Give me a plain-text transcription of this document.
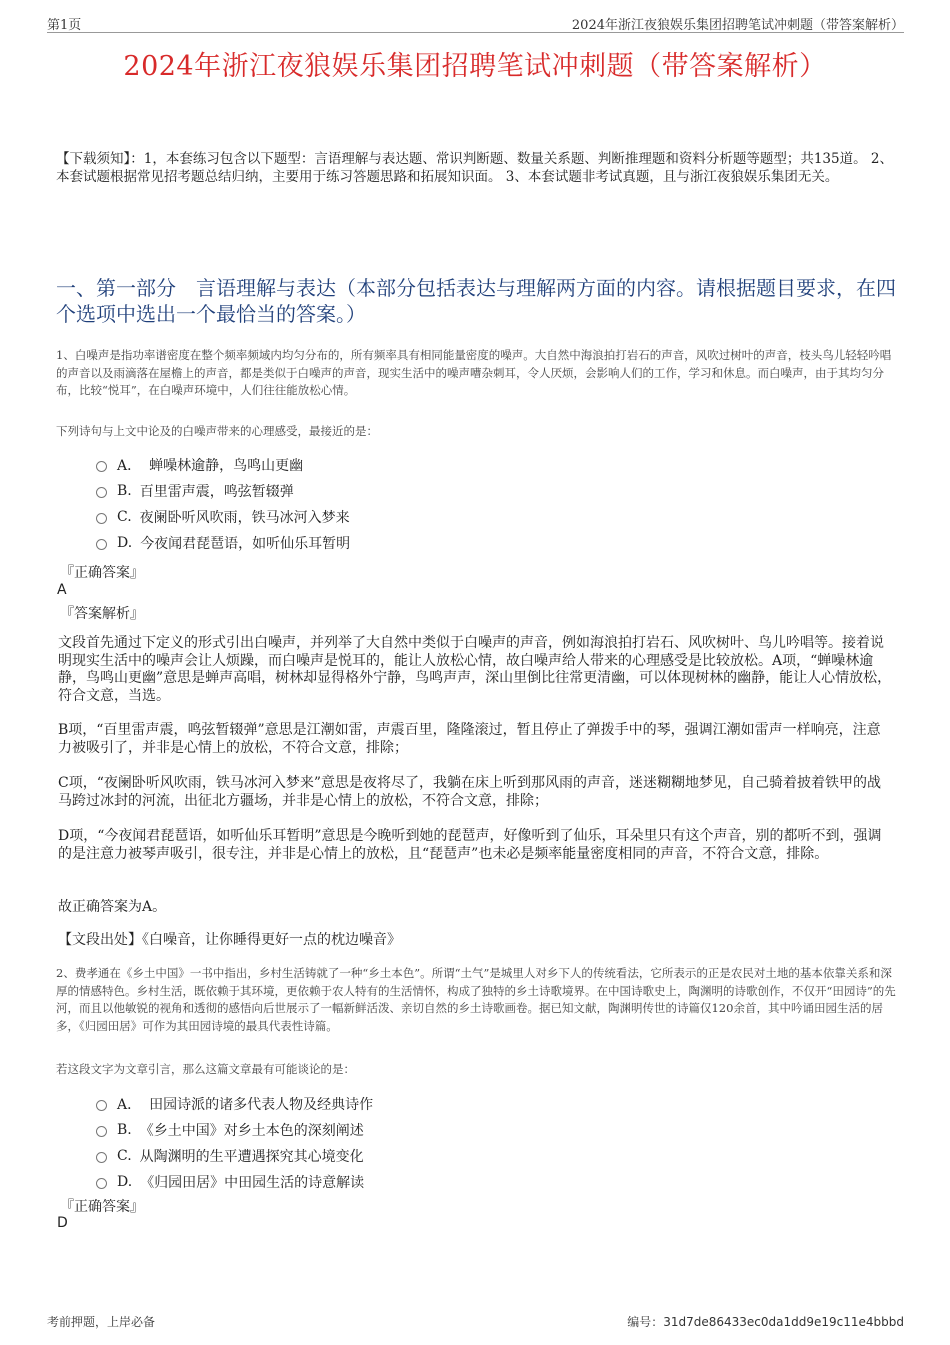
第1页	2024年浙江夜狼娱乐集团招聘笔试冲刺题（带答案解析）
2024年浙江夜狼娱乐集团招聘笔试冲刺题（带答案解析）
【下载须知】：1，本套练习包含以下题型：言语理解与表达题、常识判断题、数量关系题、判断推理题和资料分析题等题型；共135道。 2、本套试题根据常见招考题总结归纳，主要用于练习答题思路和拓展知识面。 3、本套试题非考试真题，且与浙江夜狼娱乐集团无关。
一、第一部分　言语理解与表达（本部分包括表达与理解两方面的内容。请根据题目要求，在四个选项中选出一个最恰当的答案。）
1、白噪声是指功率谱密度在整个频率频域内均匀分布的，所有频率具有相同能量密度的噪声。大自然中海浪拍打岩石的声音，风吹过树叶的声音，枝头鸟儿轻轻吟唱的声音以及雨滴落在屋檐上的声音，都是类似于白噪声的声音，现实生活中的噪声嘈杂刺耳，令人厌烦，会影响人们的工作，学习和休息。而白噪声，由于其均匀分布，比较“悦耳”，在白噪声环境中，人们往往能放松心情。
下列诗句与上文中论及的白噪声带来的心理感受，最接近的是：
A． 蝉噪林逾静，鸟鸣山更幽
B. 百里雷声震，鸣弦暂辍弹
C. 夜阑卧听风吹雨，铁马冰河入梦来
D. 今夜闻君琵琶语，如听仙乐耳暂明
『正确答案』
A
『答案解析』
文段首先通过下定义的形式引出白噪声，并列举了大自然中类似于白噪声的声音，例如海浪拍打岩石、风吹树叶、鸟儿吟唱等。接着说明现实生活中的噪声会让人烦躁，而白噪声是悦耳的，能让人放松心情，故白噪声给人带来的心理感受是比较放松。A项，“蝉噪林逾静，鸟鸣山更幽”意思是蝉声高唱，树林却显得格外宁静，鸟鸣声声，深山里倒比往常更清幽，可以体现树林的幽静，能让人心情放松，符合文意，当选。
B项，“百里雷声震，鸣弦暂辍弹”意思是江潮如雷，声震百里，隆隆滚过，暂且停止了弹拨手中的琴，强调江潮如雷声一样响亮，注意力被吸引了，并非是心情上的放松，不符合文意，排除；
C项，“夜阑卧听风吹雨，铁马冰河入梦来”意思是夜将尽了，我躺在床上听到那风雨的声音，迷迷糊糊地梦见，自己骑着披着铁甲的战马跨过冰封的河流，出征北方疆场，并非是心情上的放松，不符合文意，排除；
D项，“今夜闻君琵琶语，如听仙乐耳暂明”意思是今晚听到她的琵琶声，好像听到了仙乐，耳朵里只有这个声音，别的都听不到，强调的是注意力被琴声吸引，很专注，并非是心情上的放松，且“琵琶声”也未必是频率能量密度相同的声音，不符合文意，排除。
故正确答案为A。
【文段出处】《白噪音，让你睡得更好一点的枕边噪音》
2、费孝通在《乡土中国》一书中指出，乡村生活铸就了一种“乡土本色”。所谓“土气”是城里人对乡下人的传统看法，它所表示的正是农民对土地的基本依靠关系和深厚的情感特色。乡村生活，既依赖于其环境，更依赖于农人特有的生活情怀，构成了独特的乡土诗歌境界。在中国诗歌史上，陶渊明的诗歌创作，不仅开“田园诗”的先河，而且以他敏锐的视角和透彻的感悟向后世展示了一幅新鲜活泼、亲切自然的乡土诗歌画卷。据已知文献，陶渊明传世的诗篇仅120余首，其中吟诵田园生活的居多，《归园田居》可作为其田园诗境的最具代表性诗篇。
若这段文字为文章引言，那么这篇文章最有可能谈论的是：
A． 田园诗派的诸多代表人物及经典诗作
B. 《乡土中国》对乡土本色的深刻阐述
C. 从陶渊明的生平遭遇探究其心境变化
D. 《归园田居》中田园生活的诗意解读
『正确答案』
D
考前押题，上岸必备	编号：31d7de86433ec0da1dd9e19c11e4bbbd
